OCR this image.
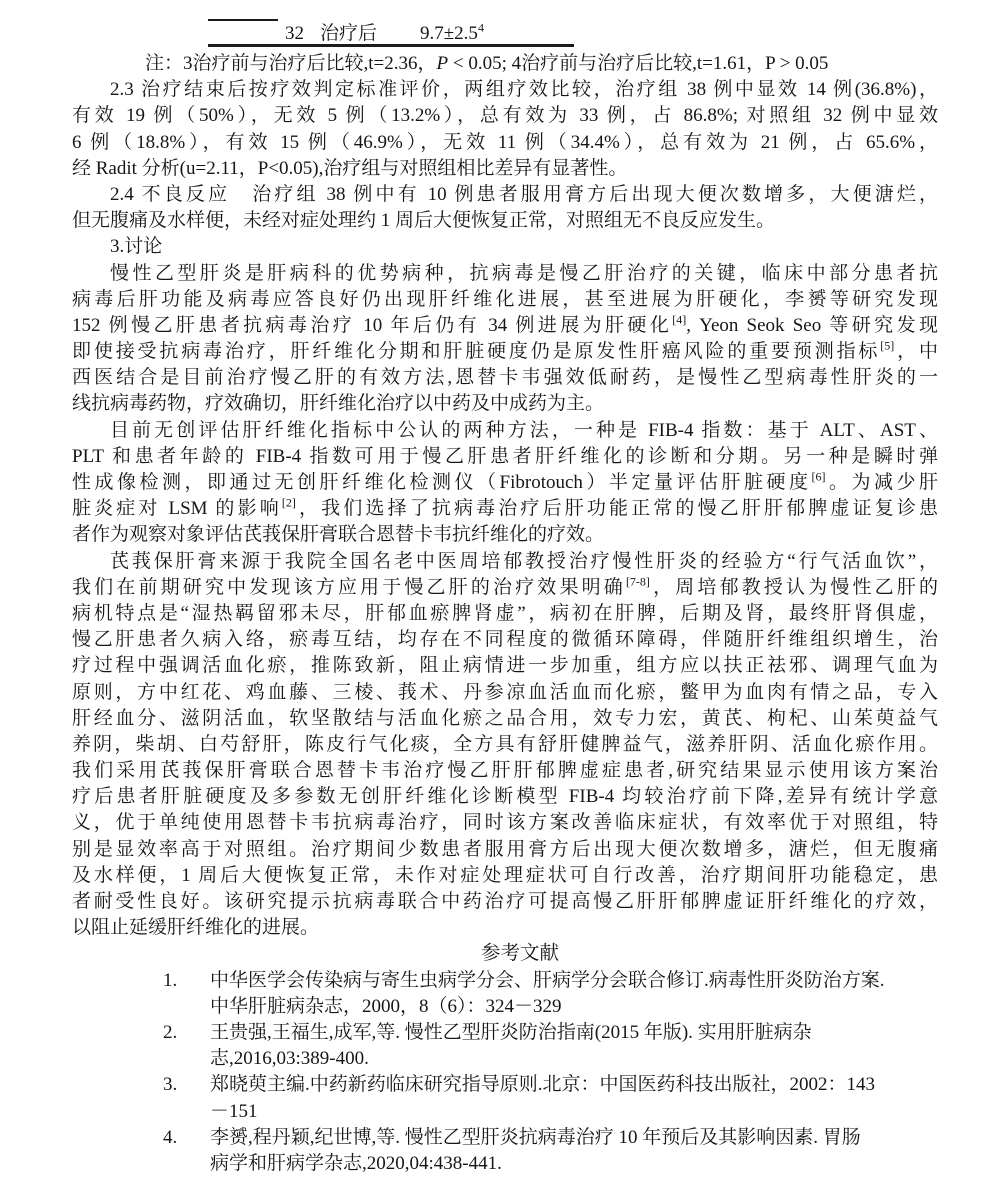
32 治疗后 $9.7\pm 2.5^4$
注：3治疗前与治疗后比较,t=2.36，P < 0.05; 4治疗前与治疗后比较,t=1.61，P > 0.05
2.3 治疗结束后按疗效判定标准评价，两组疗效比较，治疗组 38 例中显效 14 例(36.8%)，
有效 19 例（50%），无效 5 例（13.2%），总有效为 33 例，占 86.8%; 对照组 32 例中显效
6 例（18.8%），有效 15 例（46.9%），无效 11 例（34.4%），总有效为 21 例，占 65.6%，
经 Radit 分析(u=2.11，P<0.05),治疗组与对照组相比差异有显著性。
2.4 不良反应　治疗组 38 例中有 10 例患者服用膏方后出现大便次数增多，大便溏烂，
但无腹痛及水样便，未经对症处理约 1 周后大便恢复正常，对照组无不良反应发生。
3.讨论
慢性乙型肝炎是肝病科的优势病种，抗病毒是慢乙肝治疗的关键，临床中部分患者抗
病毒后肝功能及病毒应答良好仍出现肝纤维化进展，甚至进展为肝硬化，李赟等研究发现
152 例慢乙肝患者抗病毒治疗 10 年后仍有 34 例进展为肝硬化[4], Yeon Seok Seo 等研究发现
即使接受抗病毒治疗，肝纤维化分期和肝脏硬度仍是原发性肝癌风险的重要预测指标[5]，中
西医结合是目前治疗慢乙肝的有效方法,恩替卡韦强效低耐药，是慢性乙型病毒性肝炎的一
线抗病毒药物，疗效确切，肝纤维化治疗以中药及中成药为主。
目前无创评估肝纤维化指标中公认的两种方法，一种是 FIB-4 指数：基于 ALT、AST、
PLT 和患者年龄的 FIB-4 指数可用于慢乙肝患者肝纤维化的诊断和分期。另一种是瞬时弹
性成像检测，即通过无创肝纤维化检测仪（Fibrotouch）半定量评估肝脏硬度[6]。为减少肝
脏炎症对 LSM 的影响[2]，我们选择了抗病毒治疗后肝功能正常的慢乙肝肝郁脾虚证复诊患
者作为观察对象评估芪莪保肝膏联合恩替卡韦抗纤维化的疗效。
芪莪保肝膏来源于我院全国名老中医周培郁教授治疗慢性肝炎的经验方“行气活血饮”，
我们在前期研究中发现该方应用于慢乙肝的治疗效果明确[7-8]，周培郁教授认为慢性乙肝的
病机特点是“湿热羁留邪未尽，肝郁血瘀脾肾虚”，病初在肝脾，后期及肾，最终肝肾俱虚，
慢乙肝患者久病入络，瘀毒互结，均存在不同程度的微循环障碍，伴随肝纤维组织增生，治
疗过程中强调活血化瘀，推陈致新，阻止病情进一步加重，组方应以扶正祛邪、调理气血为
原则，方中红花、鸡血藤、三棱、莪术、丹参凉血活血而化瘀，鳖甲为血肉有情之品，专入
肝经血分、滋阴活血，软坚散结与活血化瘀之品合用，效专力宏，黄芪、枸杞、山茱萸益气
养阴，柴胡、白芍舒肝，陈皮行气化痰，全方具有舒肝健脾益气，滋养肝阴、活血化瘀作用。
我们采用芪莪保肝膏联合恩替卡韦治疗慢乙肝肝郁脾虚症患者,研究结果显示使用该方案治
疗后患者肝脏硬度及多参数无创肝纤维化诊断模型 FIB-4 均较治疗前下降,差异有统计学意
义，优于单纯使用恩替卡韦抗病毒治疗，同时该方案改善临床症状，有效率优于对照组，特
别是显效率高于对照组。治疗期间少数患者服用膏方后出现大便次数增多，溏烂，但无腹痛
及水样便，1 周后大便恢复正常，未作对症处理症状可自行改善，治疗期间肝功能稳定，患
者耐受性良好。该研究提示抗病毒联合中药治疗可提高慢乙肝肝郁脾虚证肝纤维化的疗效，
以阻止延缓肝纤维化的进展。
参考文献
1. 中华医学会传染病与寄生虫病学分会、肝病学分会联合修订.病毒性肝炎防治方案.
中华肝脏病杂志，2000，8（6）：324－329
2. 王贵强,王福生,成军,等. 慢性乙型肝炎防治指南(2015 年版). 实用肝脏病杂
志,2016,03:389-400.
3. 郑晓萸主编.中药新药临床研究指导原则.北京：中国医药科技出版社，2002：143
－151
4. 李赟,程丹颖,纪世博,等. 慢性乙型肝炎抗病毒治疗 10 年预后及其影响因素. 胃肠
病学和肝病学杂志,2020,04:438-441.
